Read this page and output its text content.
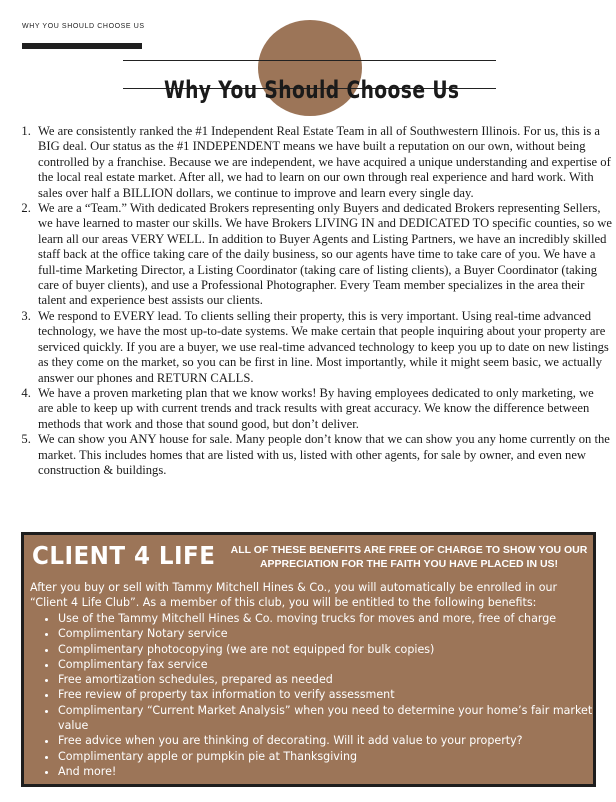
WHY YOU SHOULD CHOOSE US
Why You Should Choose Us
1. We are consistently ranked the #1 Independent Real Estate Team in all of Southwestern Illinois. For us, this is a BIG deal. Our status as the #1 INDEPENDENT means we have built a reputation on our own, without being controlled by a franchise. Because we are independent, we have acquired a unique understanding and expertise of the local real estate market. After all, we had to learn on our own through real experience and hard work. With sales over half a BILLION dollars, we continue to improve and learn every single day.
2. We are a “Team.” With dedicated Brokers representing only Buyers and dedicated Brokers representing Sellers, we have learned to master our skills. We have Brokers LIVING IN and DEDICATED TO specific counties, so we learn all our areas VERY WELL. In addition to Buyer Agents and Listing Partners, we have an incredibly skilled staff back at the office taking care of the daily business, so our agents have time to take care of you. We have a full-time Marketing Director, a Listing Coordinator (taking care of listing clients), a Buyer Coordinator (taking care of buyer clients), and use a Professional Photographer. Every Team member specializes in the area their talent and experience best assists our clients.
3. We respond to EVERY lead. To clients selling their property, this is very important. Using real-time advanced technology, we have the most up-to-date systems. We make certain that people inquiring about your property are serviced quickly. If you are a buyer, we use real-time advanced technology to keep you up to date on new listings as they come on the market, so you can be first in line. Most importantly, while it might seem basic, we actually answer our phones and RETURN CALLS.
4. We have a proven marketing plan that we know works! By having employees dedicated to only marketing, we are able to keep up with current trends and track results with great accuracy. We know the difference between methods that work and those that sound good, but don’t deliver.
5. We can show you ANY house for sale. Many people don’t know that we can show you any home currently on the market. This includes homes that are listed with us, listed with other agents, for sale by owner, and even new construction & buildings.
CLIENT 4 LIFE ALL OF THESE BENEFITS ARE FREE OF CHARGE TO SHOW YOU OUR APPRECIATION FOR THE FAITH YOU HAVE PLACED IN US!

After you buy or sell with Tammy Mitchell Hines & Co., you will automatically be enrolled in our “Client 4 Life Club”. As a member of this club, you will be entitled to the following benefits:

• Use of the Tammy Mitchell Hines & Co. moving trucks for moves and more, free of charge
• Complimentary Notary service
• Complimentary photocopying (we are not equipped for bulk copies)
• Complimentary fax service
• Free amortization schedules, prepared as needed
• Free review of property tax information to verify assessment
• Complimentary “Current Market Analysis” when you need to determine your home’s fair market value
• Free advice when you are thinking of decorating. Will it add value to your property?
• Complimentary apple or pumpkin pie at Thanksgiving
• And more!
